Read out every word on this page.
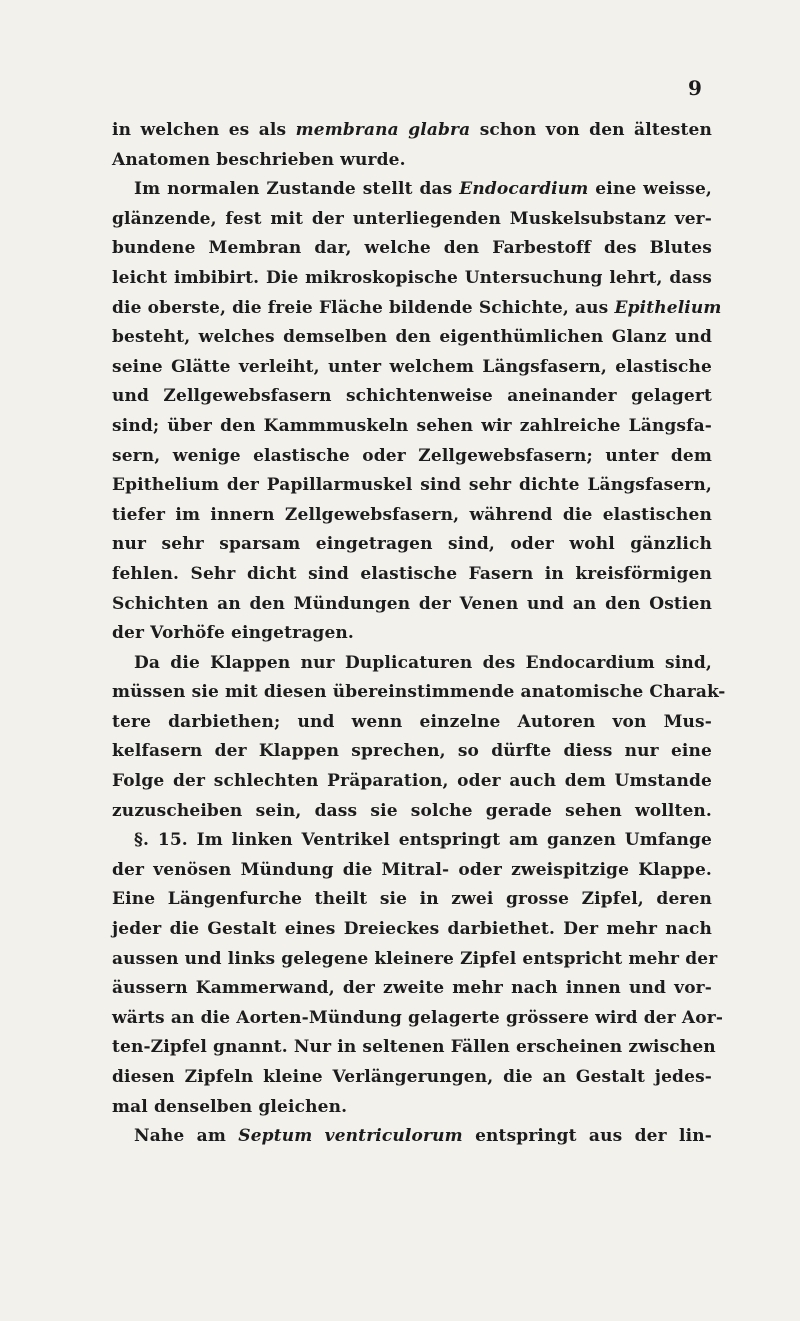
9
in welchen es als membrana glabra schon von den ältesten
Anatomen beschrieben wurde.
Im normalen Zustande stellt das Endocardium eine weisse,
glänzende, fest mit der unterliegenden Muskelsubstanz ver-
bundene Membran dar, welche den Farbestoff des Blutes
leicht imbibirt. Die mikroskopische Untersuchung lehrt, dass
die oberste, die freie Fläche bildende Schichte, aus Epithelium
besteht, welches demselben den eigenthümlichen Glanz und
seine Glätte verleiht, unter welchem Längsfasern, elastische
und Zellgewebsfasern schichtenweise aneinander gelagert
sind; über den Kammmuskeln sehen wir zahlreiche Längsfa-
sern, wenige elastische oder Zellgewebsfasern; unter dem
Epithelium der Papillarmuskel sind sehr dichte Längsfasern,
tiefer im innern Zellgewebsfasern, während die elastischen
nur sehr sparsam eingetragen sind, oder wohl gänzlich
fehlen. Sehr dicht sind elastische Fasern in kreisförmigen
Schichten an den Mündungen der Venen und an den Ostien
der Vorhöfe eingetragen.
Da die Klappen nur Duplicaturen des Endocardium sind,
müssen sie mit diesen übereinstimmende anatomische Charak-
tere darbiethen; und wenn einzelne Autoren von Mus-
kelfasern der Klappen sprechen, so dürfte diess nur eine
Folge der schlechten Präparation, oder auch dem Umstande
zuzuscheiben sein, dass sie solche gerade sehen wollten.
§. 15. Im linken Ventrikel entspringt am ganzen Umfange
der venösen Mündung die Mitral- oder zweispitzige Klappe.
Eine Längenfurche theilt sie in zwei grosse Zipfel, deren
jeder die Gestalt eines Dreieckes darbiethet. Der mehr nach
aussen und links gelegene kleinere Zipfel entspricht mehr der
äussern Kammerwand, der zweite mehr nach innen und vor-
wärts an die Aorten-Mündung gelagerte grössere wird der Aor-
ten-Zipfel gnannt. Nur in seltenen Fällen erscheinen zwischen
diesen Zipfeln kleine Verlängerungen, die an Gestalt jedes-
mal denselben gleichen.
Nahe am Septum ventriculorum entspringt aus der lin-
